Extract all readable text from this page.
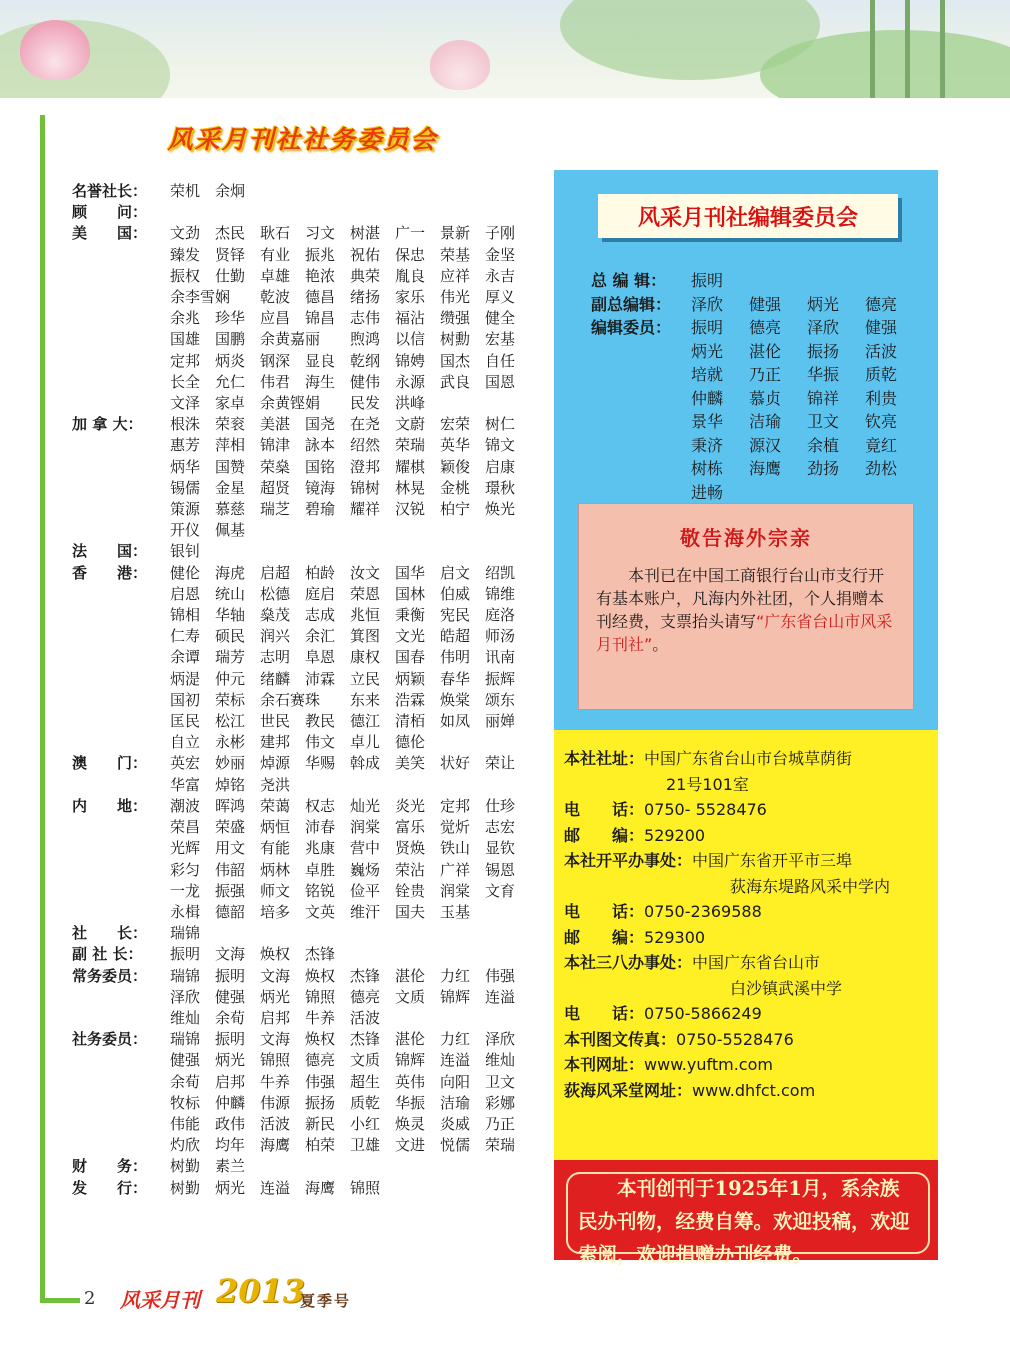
风采月刊社社务委员会
名誉社长：	荣机 余炯
顾　　问：
美　　国：	文劲 杰民 耿石 习文 树湛 广一 景新 子刚
臻发 贤铎 有业 振兆 祝佑 保忠 荣基 金坚
振权 仕勤 卓雄 艳浓 典荣 胤良 应祥 永吉
余李雪娴	乾波 德昌 绪扬 家乐 伟光 厚义
余兆 珍华 应昌 锦昌 志伟 福沾 缵强 健全
国雄 国鹏 余黄嘉丽	煦鸿 以信 树勳 宏基
定邦 炳炎 钢深 显良 乾纲 锦娉 国杰 自任
长全 允仁 伟君 海生 健伟 永源 武良 国恩
文泽 家卓 余黄铿娟	民发 洪峰
加 拿 大：	根洙 荣衮 美湛 国尧 在尧 文蔚 宏荣 树仁
惠芳 萍相 锦津 詠本 绍然 荣瑞 英华 锦文
炳华 国赞 荣燊 国铭 澄邦 耀棋 颖俊 启康
锡儒 金星 超贤 镜海 锦树 林晃 金桃 璟秋
策源 慕慈 瑞芝 碧瑜 耀祥 汉锐 柏宁 焕光
开仪 佩基
法　　国：	银钊
香　　港：	健伦 海虎 启超 柏龄 汝文 国华 启文 绍凯
启恩 统山 松德 庭启 荣恩 国林 伯威 锦维
锦相 华轴 燊茂 志成 兆恒 秉衡 宪民 庭洛
仁寿 硕民 润兴 余汇 箕图 文光 皓超 师汤
余谭 瑞芳 志明 阜恩 康权 国春 伟明 讯南
炳湜 仲元 绪麟 沛霖 立民 炳颖 春华 振辉
国初 荣标 余石赛珠	东来 浩霖 焕棠 颂东
匡民 松江 世民 教民 德江 清栢 如凤 丽婵
自立 永彬 建邦 伟文 卓儿 德伦
澳　　门：	英宏 妙丽 焯源 华赐 斡成 美笑 状好 荣让
华富 焯铭 尧洪
内　　地：	潮波 晖鸿 荣蔼 权志 灿光 炎光 定邦 仕珍
荣昌 荣盛 炳恒 沛春 润棠 富乐 觉炘 志宏
光辉 用文 有能 兆康 营中 贤焕 铁山 显钦
彩匀 伟韶 炳林 卓胜 巍炀 荣沾 广祥 锡恩
一龙 振强 师文 铭锐 俭平 铨贵 润棠 文育
永楫 德韶 培多 文英 维汗 国夫 玉基
社　　长：	瑞锦
副 社 长：	振明 文海 焕权 杰锋
常务委员：	瑞锦 振明 文海 焕权 杰锋 湛伦 力红 伟强
泽欣 健强 炳光 锦照 德亮 文质 锦辉 连溢
维灿 余荀 启邦 牛养 活波
社务委员：	瑞锦 振明 文海 焕权 杰锋 湛伦 力红 泽欣
健强 炳光 锦照 德亮 文质 锦辉 连溢 维灿
余荀 启邦 牛养 伟强 超生 英伟 向阳 卫文
牧标 仲麟 伟源 振扬 质乾 华振 洁瑜 彩娜
伟能 政伟 活波 新民 小红 焕灵 炎威 乃正
灼欣 均年 海鹰 柏荣 卫雄 文进 悦儒 荣瑞
财　　务：	树勤 素兰
发　　行：	树勤 炳光 连溢 海鹰 锦照
风采月刊社编辑委员会
总 编 辑：	振明
副总编辑：	泽欣	健强	炳光	德亮
编辑委员：	振明	德亮	泽欣	健强
炳光	湛伦	振扬	活波
培就	乃正	华振	质乾
仲麟	慕贞	锦祥	利贵
景华	洁瑜	卫文	钦亮
秉济	源汉	余植	竟红
树栋	海鹰	劲扬	劲松
进畅
敬告海外宗亲
本刊已在中国工商银行台山市支行开有基本账户，凡海内外社团，个人捐赠本刊经费，支票抬头请写“广东省台山市风采月刊社”。
本社社址： 中国广东省台山市台城草荫街
21号101室
电　　话： 0750- 5528476
邮　　编： 529200
本社开平办事处： 中国广东省开平市三埠
荻海东堤路风采中学内
电　　话： 0750-2369588
邮　　编： 529300
本社三八办事处： 中国广东省台山市
白沙镇武溪中学
电　　话： 0750-5866249
本刊图文传真： 0750-5528476
本刊网址： www.yuftm.com
荻海风采堂网址： www.dhfct.com
本刊创刊于1925年1月，系余族民办刊物，经费自筹。欢迎投稿，欢迎索阅，欢迎捐赠办刊经费。
2 风采月刊 2013
夏季号
